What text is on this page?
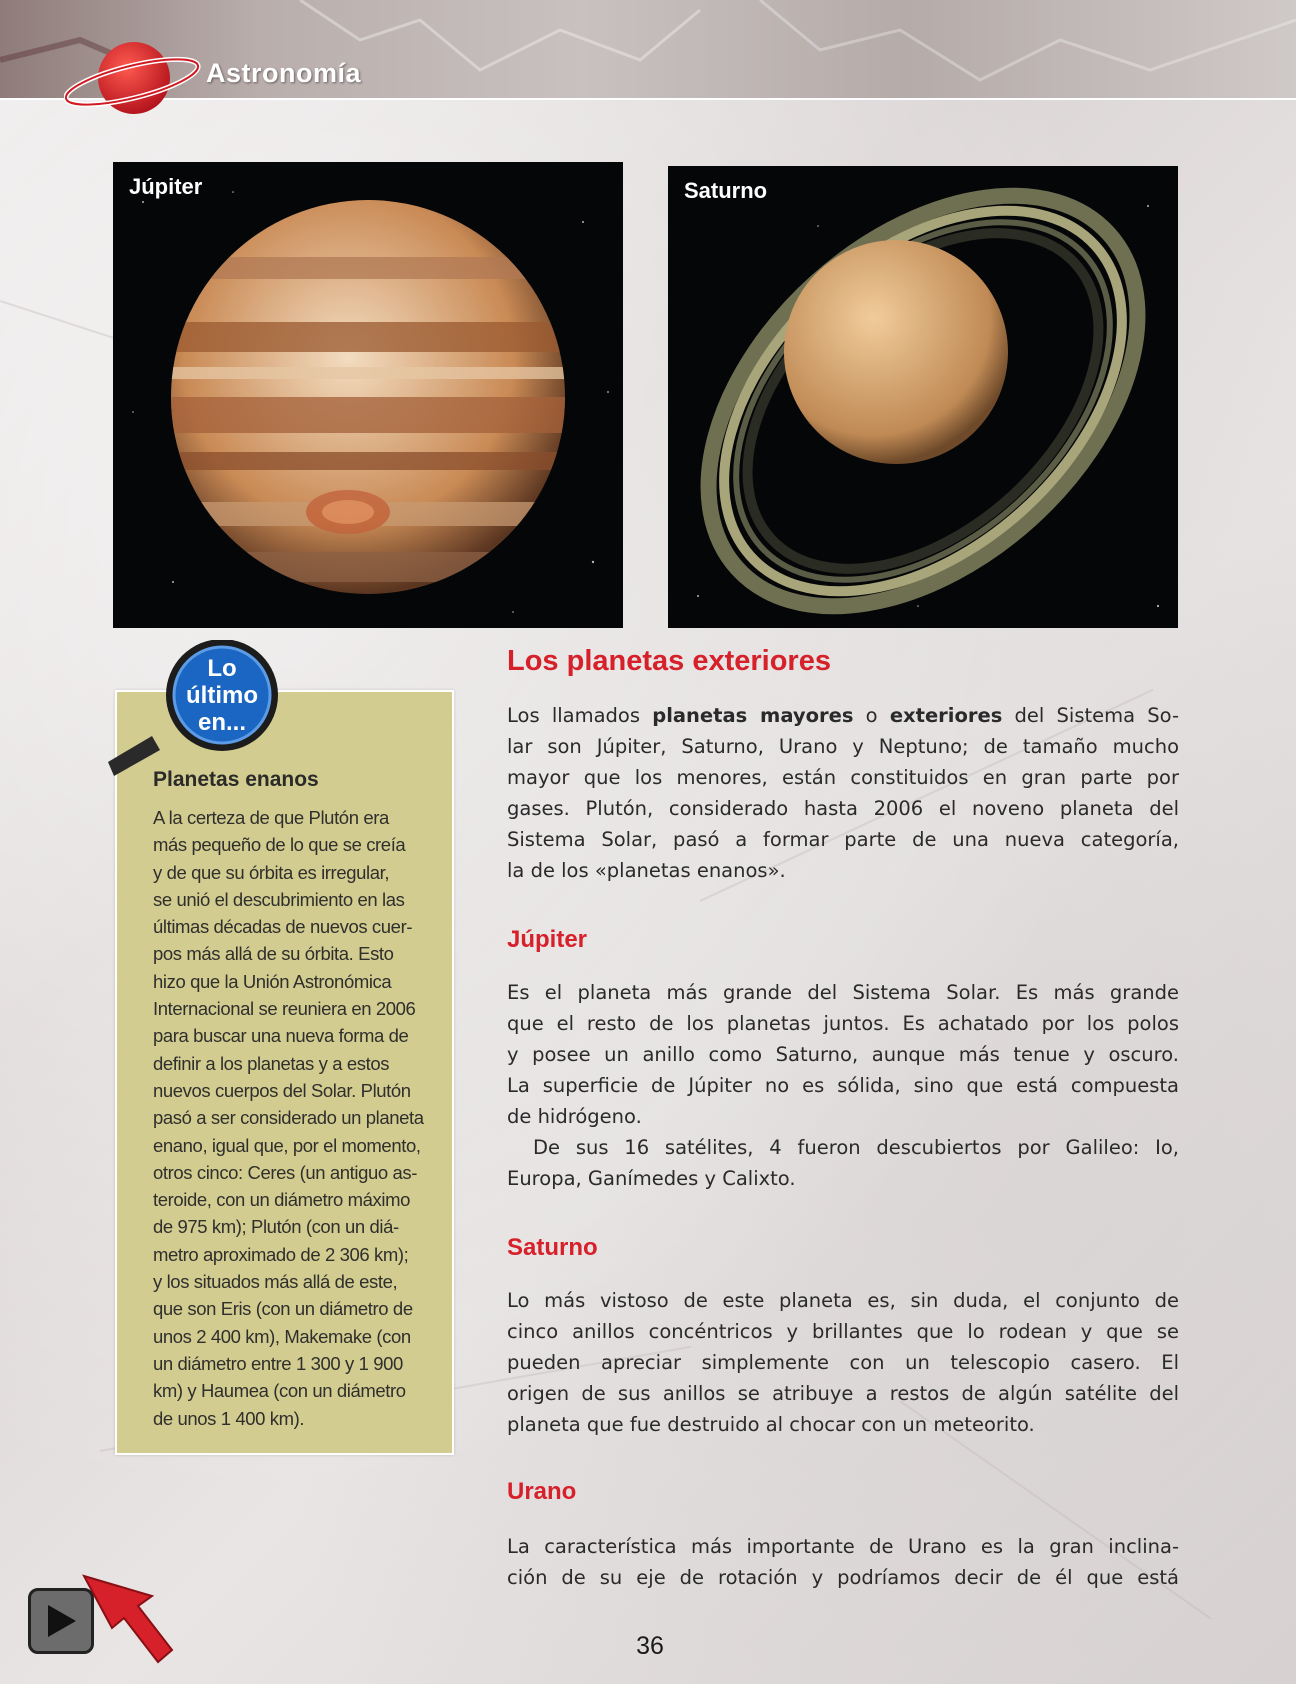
Astronomía
Júpiter	Saturno
Lo
último
en...
Planetas enanos
A la certeza de que Plutón era
más pequeño de lo que se creía
y de que su órbita es irregular,
se unió el descubrimiento en las
últimas décadas de nuevos cuer-
pos más allá de su órbita. Esto
hizo que la Unión Astronómica
Internacional se reuniera en 2006
para buscar una nueva forma de
definir a los planetas y a estos
nuevos cuerpos del Solar. Plutón
pasó a ser considerado un planeta
enano, igual que, por el momento,
otros cinco: Ceres (un antiguo as-
teroide, con un diámetro máximo
de 975 km); Plutón (con un diá-
metro aproximado de 2 306 km);
y los situados más allá de este,
que son Eris (con un diámetro de
unos 2 400 km), Makemake (con
un diámetro entre 1 300 y 1 900
km) y Haumea (con un diámetro
de unos 1 400 km).
Los planetas exteriores
Los llamados planetas mayores o exteriores del Sistema So-
lar son Júpiter, Saturno, Urano y Neptuno; de tamaño mucho
mayor que los menores, están constituidos en gran parte por
gases. Plutón, considerado hasta 2006 el noveno planeta del
Sistema Solar, pasó a formar parte de una nueva categoría,
la de los «planetas enanos».
Júpiter
Es el planeta más grande del Sistema Solar. Es más grande
que el resto de los planetas juntos. Es achatado por los polos
y posee un anillo como Saturno, aunque más tenue y oscuro.
La superficie de Júpiter no es sólida, sino que está compuesta
de hidrógeno.
De sus 16 satélites, 4 fueron descubiertos por Galileo: Io,
Europa, Ganímedes y Calixto.
Saturno
Lo más vistoso de este planeta es, sin duda, el conjunto de
cinco anillos concéntricos y brillantes que lo rodean y que se
pueden apreciar simplemente con un telescopio casero. El
origen de sus anillos se atribuye a restos de algún satélite del
planeta que fue destruido al chocar con un meteorito.
Urano
La característica más importante de Urano es la gran inclina-
ción de su eje de rotación y podríamos decir de él que está
36
